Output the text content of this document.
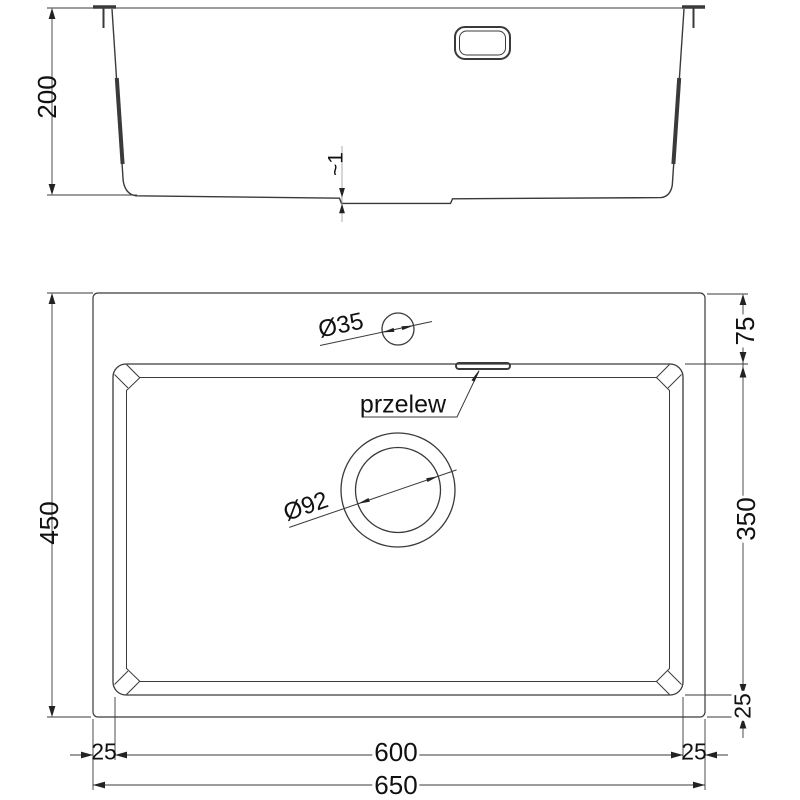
200
~1
450
75
350
25
Ø35
przelew
Ø92
25	600	25
650
